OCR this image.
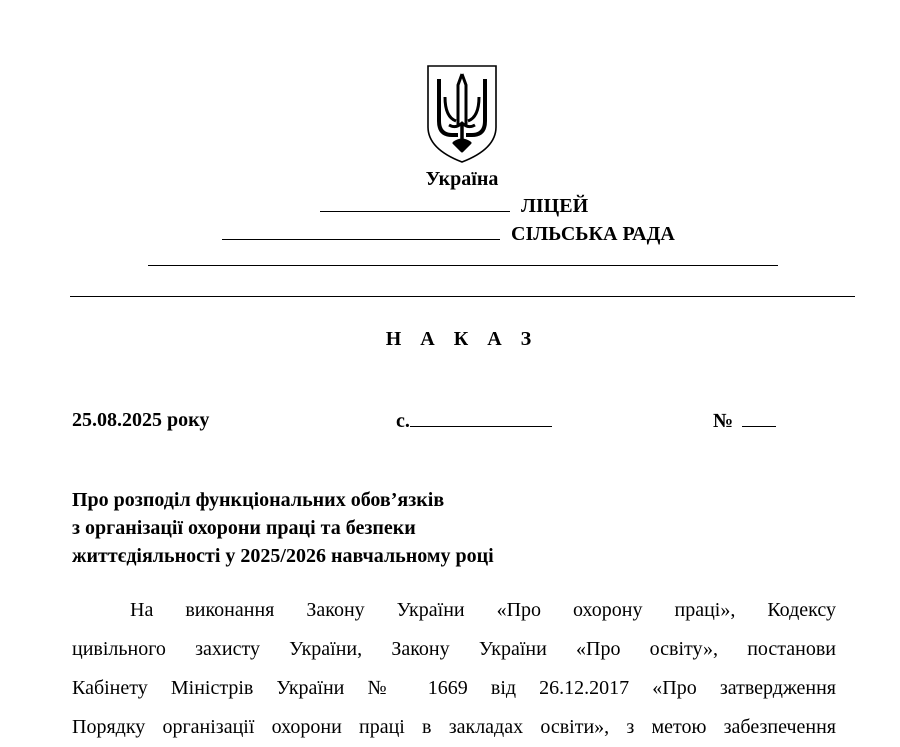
Україна
ЛІЦЕЙ
СІЛЬСЬКА РАДА
Н А К А З
25.08.2025 року	с.	№
Про розподіл функціональних обов’язків
з організації охорони праці та безпеки
життєдіяльності у 2025/2026 навчальному році

На виконання Закону України «Про охорону праці», Кодексу

цивільного захисту України, Закону України «Про освіту», постанови

Кабінету Міністрів України № 1669 від 26.12.2017 «Про затвердження

Порядку організації охорони праці в закладах освіти», з метою забезпечення
